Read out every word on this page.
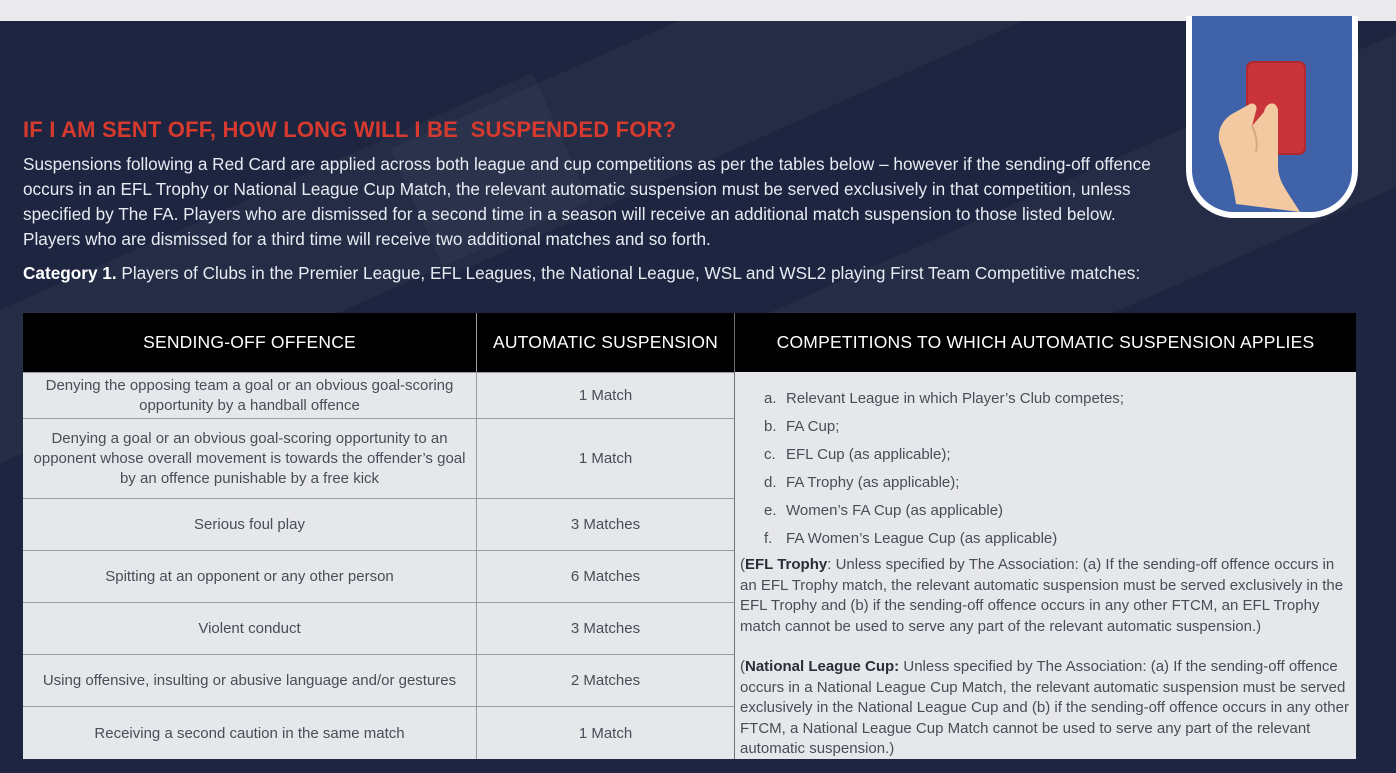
IF I AM SENT OFF, HOW LONG WILL I BE  SUSPENDED FOR?
Suspensions following a Red Card are applied across both league and cup competitions as per the tables below – however if the sending-off offence occurs in an EFL Trophy or National League Cup Match, the relevant automatic suspension must be served exclusively in that competition, unless specified by The FA. Players who are dismissed for a second time in a season will receive an additional match suspension to those listed below. Players who are dismissed for a third time will receive two additional matches and so forth.
Category 1. Players of Clubs in the Premier League, EFL Leagues, the National League, WSL and WSL2 playing First Team Competitive matches:
SENDING-OFF OFFENCE	AUTOMATIC SUSPENSION	COMPETITIONS TO WHICH AUTOMATIC SUSPENSION APPLIES
Denying the opposing team a goal or an obvious goal-scoring opportunity by a handball offence
1 Match
Denying a goal or an obvious goal-scoring opportunity to an opponent whose overall movement is towards the offender’s goal by an offence punishable by a free kick
1 Match
Serious foul play	3 Matches
Spitting at an opponent or any other person	6 Matches
Violent conduct	3 Matches
Using offensive, insulting or abusive language and/or gestures	2 Matches
Receiving a second caution in the same match	1 Match
a. Relevant League in which Player’s Club competes;
b. FA Cup;
c. EFL Cup (as applicable);
d. FA Trophy (as applicable);
e. Women’s FA Cup (as applicable)
f. FA Women’s League Cup (as applicable)
(EFL Trophy: Unless specified by The Association: (a) If the sending-off offence occurs in an EFL Trophy match, the relevant automatic suspension must be served exclusively in the EFL Trophy and (b) if the sending-off offence occurs in any other FTCM, an EFL Trophy match cannot be used to serve any part of the relevant automatic suspension.)
(National League Cup: Unless specified by The Association: (a) If the sending-off offence occurs in a National League Cup Match, the relevant automatic suspension must be served exclusively in the National League Cup and (b) if the sending-off offence occurs in any other FTCM, a National League Cup Match cannot be used to serve any part of the relevant automatic suspension.)
